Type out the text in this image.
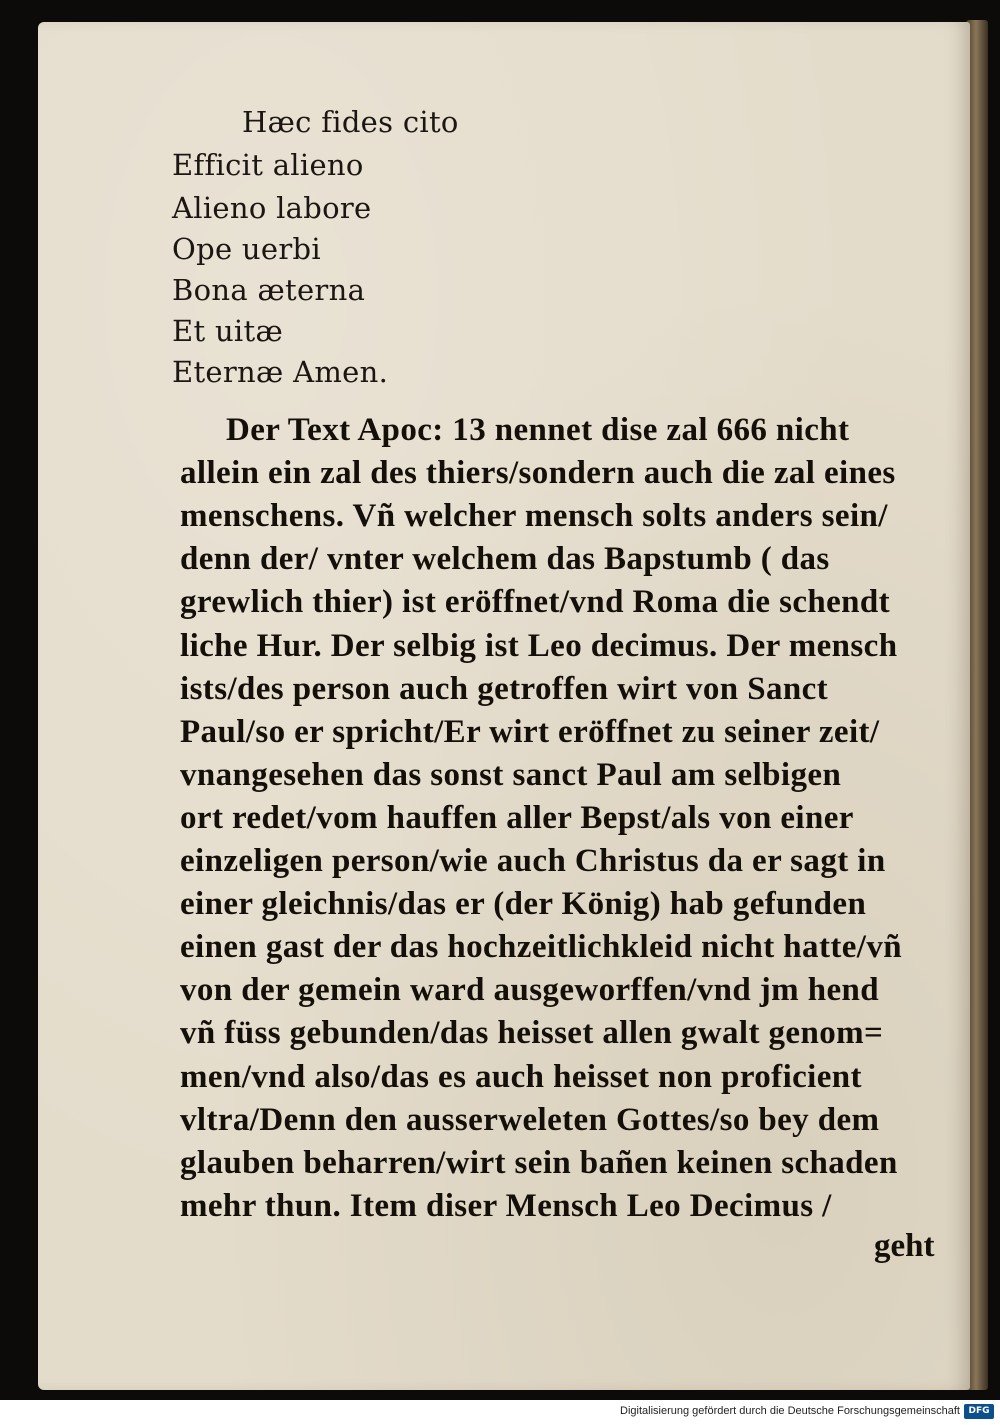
Hæc fides cito

Efficit alieno

Alieno labore

Ope uerbi

Bona æterna

Et uitæ

Eternæ Amen.

Der Text Apoc: 13 nennet dise zal 666 nicht

allein ein zal des thiers/sondern auch die zal eines

menschens. Vñ welcher mensch solts anders sein/

denn der/ vnter welchem das Bapstumb ( das

grewlich thier) ist eröffnet/vnd Roma die schendt

liche Hur. Der selbig ist Leo decimus. Der mensch

ists/des person auch getroffen wirt von Sanct

Paul/so er spricht/Er wirt eröffnet zu seiner zeit/

vnangesehen das sonst sanct Paul am selbigen

ort redet/vom hauffen aller Bepst/als von einer

einzeligen person/wie auch Christus da er sagt in

einer gleichnis/das er (der König) hab gefunden

einen gast der das hochzeitlichkleid nicht hatte/vñ

von der gemein ward ausgeworffen/vnd jm hend

vñ füss gebunden/das heisset allen gwalt genom=

men/vnd also/das es auch heisset non proficient

vltra/Denn den ausserweleten Gottes/so bey dem

glauben beharren/wirt sein bañen keinen schaden

mehr thun. Item diser Mensch Leo Decimus /

geht

Digitalisierung gefördert durch die Deutsche Forschungsgemeinschaft DFG
